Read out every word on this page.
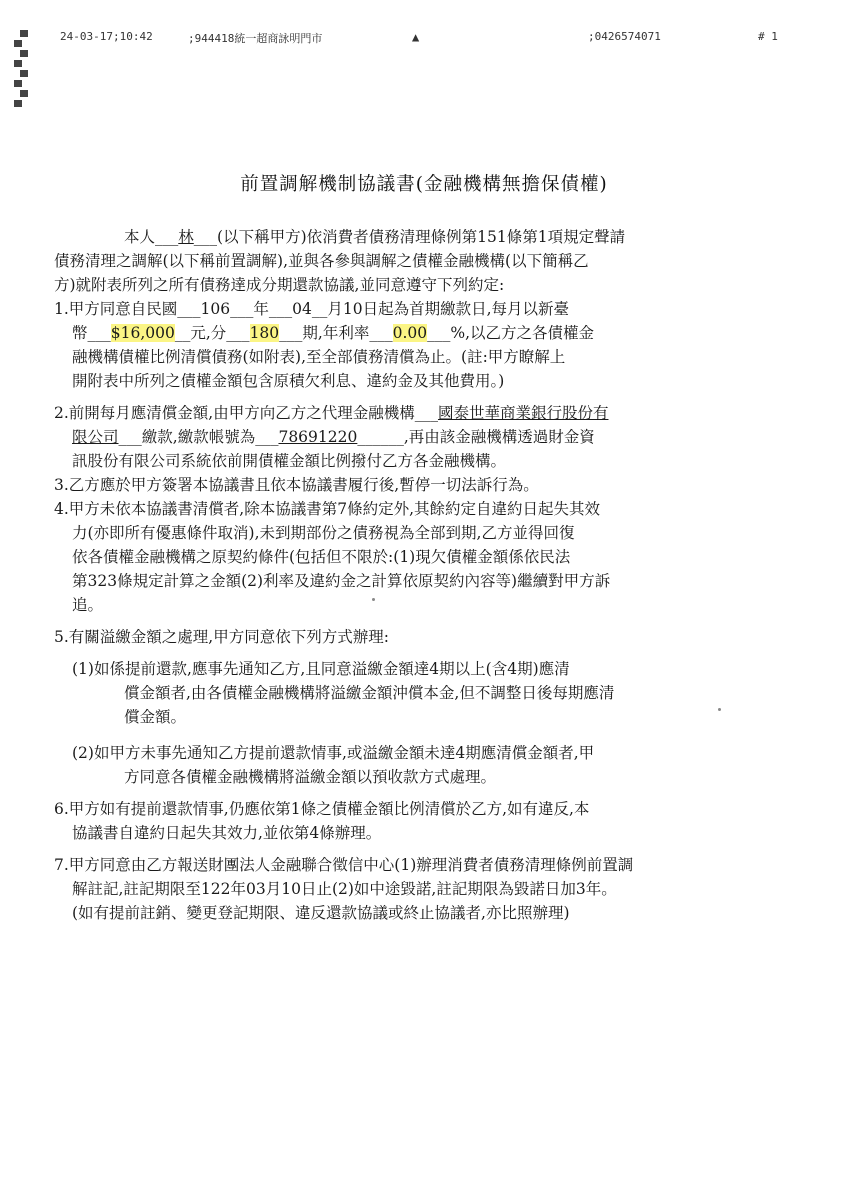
24-03-17;10:42	;944418統一超商詠明門市	▲	;0426574071	# 1
前置調解機制協議書(金融機構無擔保債權)
本人___林___(以下稱甲方)依消費者債務清理條例第151條第1項規定聲請
債務清理之調解(以下稱前置調解),並與各參與調解之債權金融機構(以下簡稱乙
方)就附表所列之所有債務達成分期還款協議,並同意遵守下列約定:
1.甲方同意自民國___106___年___04__月10日起為首期繳款日,每月以新臺
幣___$16,000__元,分___180___期,年利率___0.00___%,以乙方之各債權金
融機構債權比例清償債務(如附表),至全部債務清償為止。(註:甲方瞭解上
開附表中所列之債權金額包含原積欠利息、違約金及其他費用。)
2.前開每月應清償金額,由甲方向乙方之代理金融機構___國泰世華商業銀行股份有
限公司___繳款,繳款帳號為___78691220______,再由該金融機構透過財金資
訊股份有限公司系統依前開債權金額比例撥付乙方各金融機構。
3.乙方應於甲方簽署本協議書且依本協議書履行後,暫停一切法訴行為。
4.甲方未依本協議書清償者,除本協議書第7條約定外,其餘約定自違約日起失其效
力(亦即所有優惠條件取消),未到期部份之債務視為全部到期,乙方並得回復
依各債權金融機構之原契約條件(包括但不限於:(1)現欠債權金額係依民法
第323條規定計算之金額(2)利率及違約金之計算依原契約內容等)繼續對甲方訴
追。
5.有關溢繳金額之處理,甲方同意依下列方式辦理:
(1)如係提前還款,應事先通知乙方,且同意溢繳金額達4期以上(含4期)應清
償金額者,由各債權金融機構將溢繳金額沖償本金,但不調整日後每期應清
償金額。
(2)如甲方未事先通知乙方提前還款情事,或溢繳金額未達4期應清償金額者,甲
方同意各債權金融機構將溢繳金額以預收款方式處理。
6.甲方如有提前還款情事,仍應依第1條之債權金額比例清償於乙方,如有違反,本
協議書自違約日起失其效力,並依第4條辦理。
7.甲方同意由乙方報送財團法人金融聯合徵信中心(1)辦理消費者債務清理條例前置調
解註記,註記期限至122年03月10日止(2)如中途毀諾,註記期限為毀諾日加3年。
(如有提前註銷、變更登記期限、違反還款協議或終止協議者,亦比照辦理)
